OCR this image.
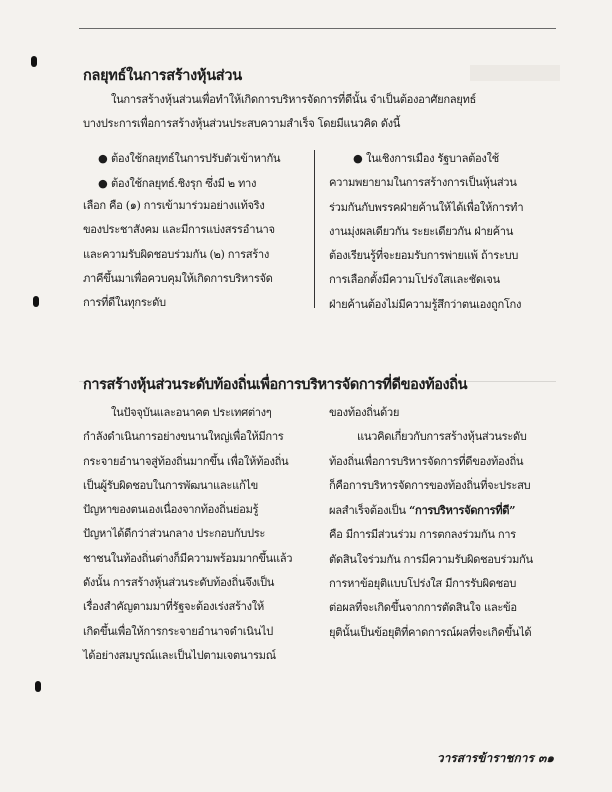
กลยุทธ์ในการสร้างหุ้นส่วน
ในการสร้างหุ้นส่วนเพื่อทำให้เกิดการบริหารจัดการที่ดีนั้น จำเป็นต้องอาศัยกลยุทธ์
บางประการเพื่อการสร้างหุ้นส่วนประสบความสำเร็จ โดยมีแนวคิด ดังนี้
● ต้องใช้กลยุทธ์ในการปรับตัวเข้าหากัน
● ต้องใช้กลยุทธ์.ชิงรุก ซึ่งมี ๒ ทาง
เลือก คือ (๑) การเข้ามาร่วมอย่างแท้จริง
ของประชาสังคม และมีการแบ่งสรรอำนาจ
และความรับผิดชอบร่วมกัน (๒) การสร้าง
ภาคีขึ้นมาเพื่อควบคุมให้เกิดการบริหารจัด
การที่ดีในทุกระดับ
● ในเชิงการเมือง รัฐบาลต้องใช้
ความพยายามในการสร้างการเป็นหุ้นส่วน
ร่วมกันกับพรรคฝ่ายค้านให้ได้เพื่อให้การทำ
งานมุ่งผลเดียวกัน ระยะเดียวกัน ฝ่ายค้าน
ต้องเรียนรู้ที่จะยอมรับการพ่ายแพ้ ถ้าระบบ
การเลือกตั้งมีความโปร่งใสและชัดเจน
ฝ่ายค้านต้องไม่มีความรู้สึกว่าตนเองถูกโกง
การสร้างหุ้นส่วนระดับท้องถิ่นเพื่อการบริหารจัดการที่ดีของท้องถิ่น
ในปัจจุบันและอนาคต ประเทศต่างๆ
กำลังดำเนินการอย่างขนานใหญ่เพื่อให้มีการ
กระจายอำนาจสู่ท้องถิ่นมากขึ้น เพื่อให้ท้องถิ่น
เป็นผู้รับผิดชอบในการพัฒนาและแก้ไข
ปัญหาของตนเองเนื่องจากท้องถิ่นย่อมรู้
ปัญหาได้ดีกว่าส่วนกลาง ประกอบกับประ
ชาชนในท้องถิ่นต่างก็มีความพร้อมมากขึ้นแล้ว
ดังนั้น การสร้างหุ้นส่วนระดับท้องถิ่นจึงเป็น
เรื่องสำคัญตามมาที่รัฐจะต้องเร่งสร้างให้
เกิดขึ้นเพื่อให้การกระจายอำนาจดำเนินไป
ได้อย่างสมบูรณ์และเป็นไปตามเจตนารมณ์
ของท้องถิ่นด้วย
แนวคิดเกี่ยวกับการสร้างหุ้นส่วนระดับ
ท้องถิ่นเพื่อการบริหารจัดการที่ดีของท้องถิ่น
ก็คือการบริหารจัดการของท้องถิ่นที่จะประสบ
ผลสำเร็จต้องเป็น “การบริหารจัดการที่ดี”
คือ มีการมีส่วนร่วม การตกลงร่วมกัน การ
ตัดสินใจร่วมกัน การมีความรับผิดชอบร่วมกัน
การหาข้อยุติแบบโปร่งใส มีการรับผิดชอบ
ต่อผลที่จะเกิดขึ้นจากการตัดสินใจ และข้อ
ยุตินั้นเป็นข้อยุติที่คาดการณ์ผลที่จะเกิดขึ้นได้
วารสารข้าราชการ ๓๑
